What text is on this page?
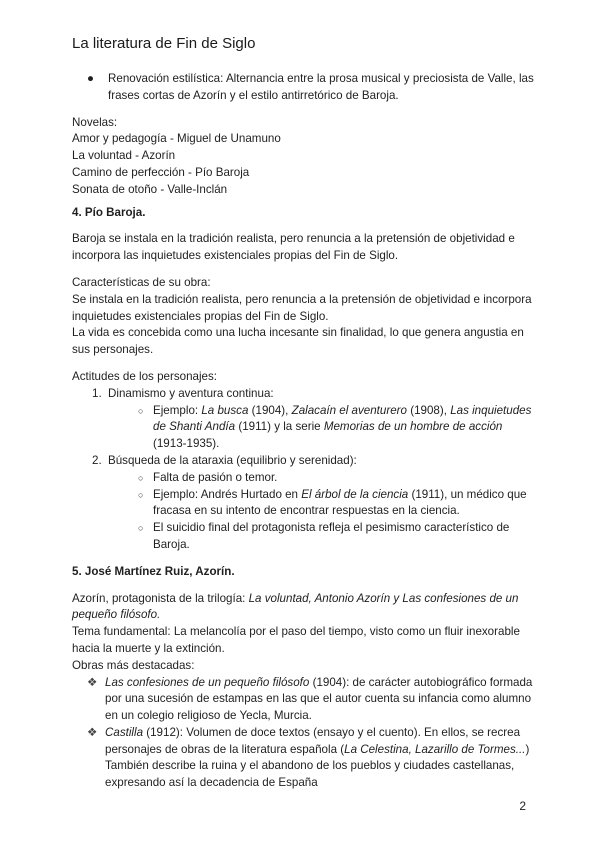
La literatura de Fin de Siglo
●	Renovación estilística: Alternancia entre la prosa musical y preciosista de Valle, las frases cortas de Azorín y el estilo antirretórico de Baroja.

Novelas:

Amor y pedagogía - Miguel de Unamuno

La voluntad - Azorín

Camino de perfección - Pío Baroja

Sonata de otoño - Valle-Inclán

4. Pío Baroja.

Baroja se instala en la tradición realista, pero renuncia a la pretensión de objetividad e incorpora las inquietudes existenciales propias del Fin de Siglo.

Características de su obra:

Se instala en la tradición realista, pero renuncia a la pretensión de objetividad e incorpora inquietudes existenciales propias del Fin de Siglo.

La vida es concebida como una lucha incesante sin finalidad, lo que genera angustia en sus personajes.

Actitudes de los personajes:

1. Dinamismo y aventura continua:
○ Ejemplo: La busca (1904), Zalacaín el aventurero (1908), Las inquietudes de Shanti Andía (1911) y la serie Memorias de un hombre de acción (1913-1935).
2. Búsqueda de la ataraxia (equilibrio y serenidad):
○ Falta de pasión o temor.
○ Ejemplo: Andrés Hurtado en El árbol de la ciencia (1911), un médico que fracasa en su intento de encontrar respuestas en la ciencia.
○ El suicidio final del protagonista refleja el pesimismo característico de Baroja.
5. José Martínez Ruiz, Azorín.

Azorín, protagonista de la trilogía: La voluntad, Antonio Azorín y Las confesiones de un pequeño filósofo.

Tema fundamental: La melancolía por el paso del tiempo, visto como un fluir inexorable hacia la muerte y la extinción.

Obras más destacadas:

❖ Las confesiones de un pequeño filósofo (1904): de carácter autobiográfico formada por una sucesión de estampas en las que el autor cuenta su infancia como alumno en un colegio religioso de Yecla, Murcia.
❖ Castilla (1912): Volumen de doce textos (ensayo y el cuento). En ellos, se recrea personajes de obras de la literatura española (La Celestina, Lazarillo de Tormes...) También describe la ruina y el abandono de los pueblos y ciudades castellanas, expresando así la decadencia de España
2
